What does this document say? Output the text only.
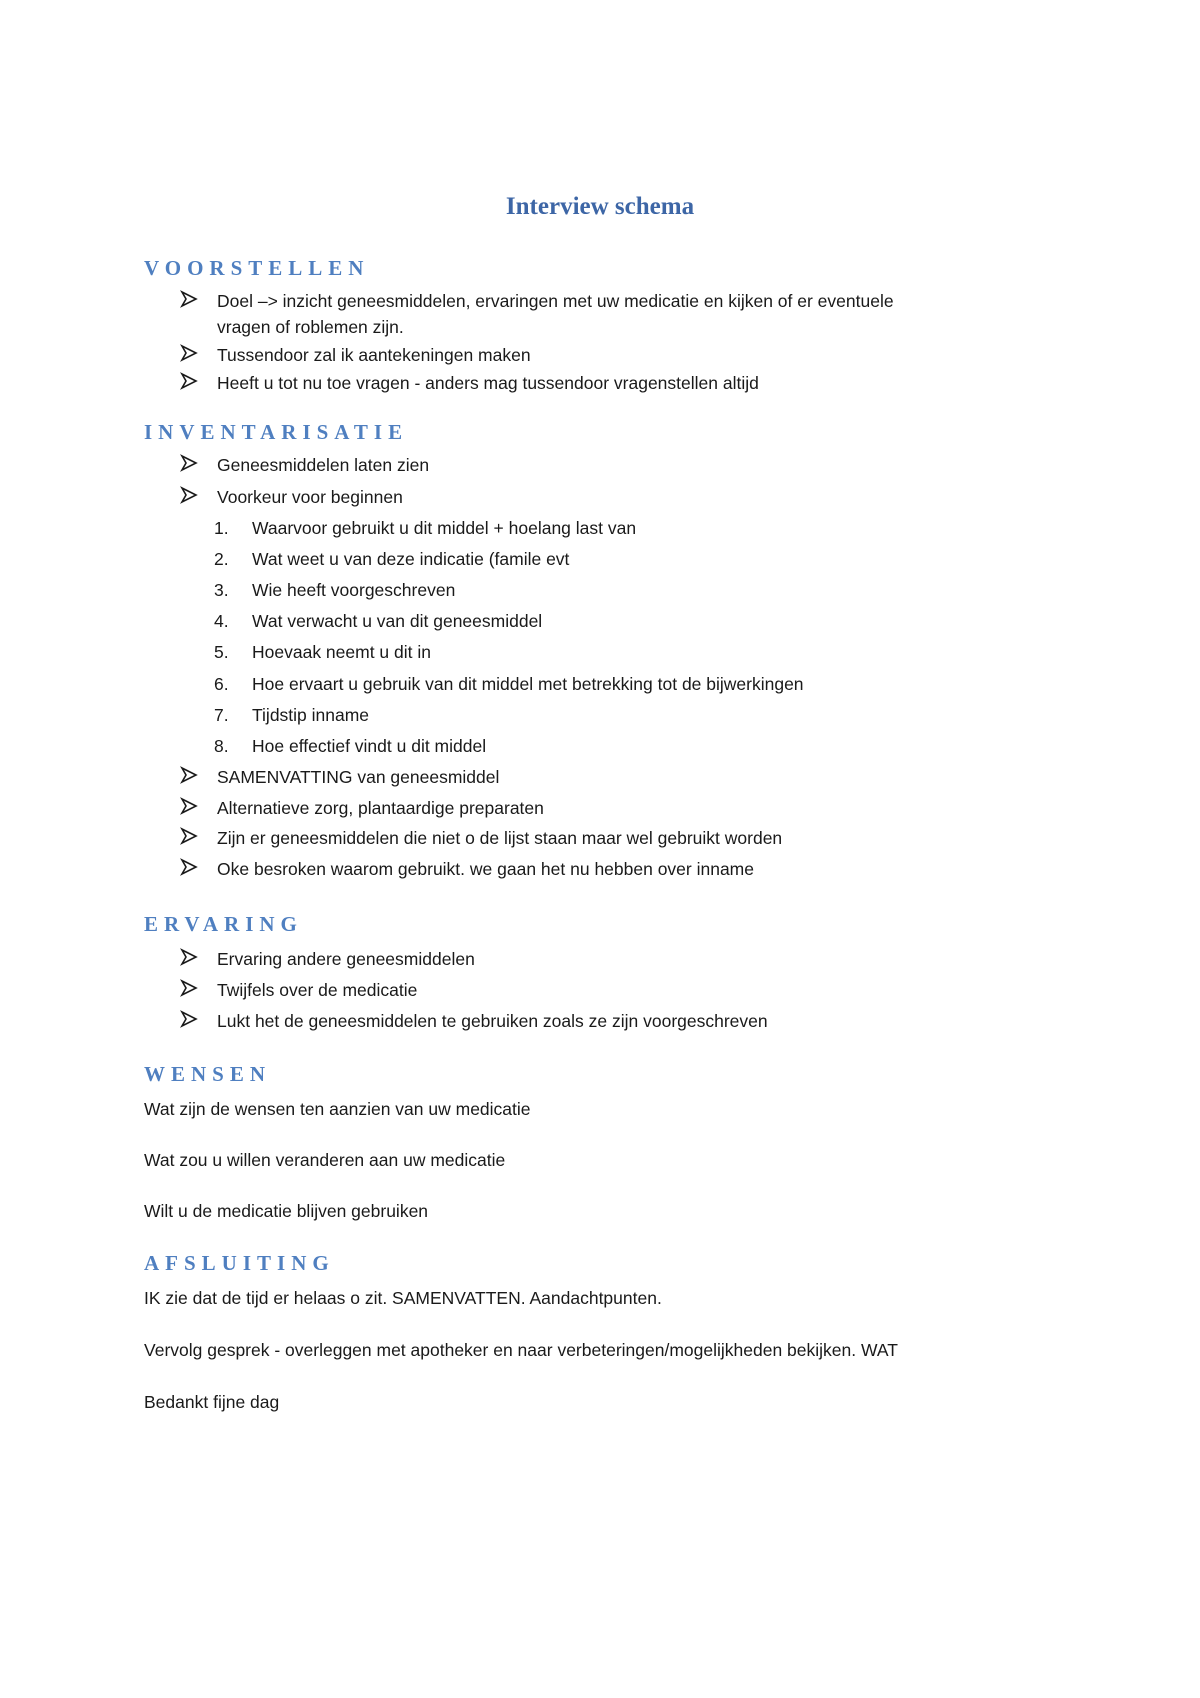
Interview schema
VOORSTELLEN
Doel –> inzicht geneesmiddelen, ervaringen met uw medicatie en kijken of er eventuele
vragen of roblemen zijn.
Tussendoor zal ik aantekeningen maken
Heeft u tot nu toe vragen - anders mag tussendoor vragenstellen altijd
INVENTARISATIE
Geneesmiddelen laten zien
Voorkeur voor beginnen
1. Waarvoor gebruikt u dit middel + hoelang last van
2. Wat weet u van deze indicatie (famile evt
3. Wie heeft voorgeschreven
4. Wat verwacht u van dit geneesmiddel
5. Hoevaak neemt u dit in
6. Hoe ervaart u gebruik van dit middel met betrekking tot de bijwerkingen
7. Tijdstip inname
8. Hoe effectief vindt u dit middel
SAMENVATTING van geneesmiddel
Alternatieve zorg, plantaardige preparaten
Zijn er geneesmiddelen die niet o de lijst staan maar wel gebruikt worden
Oke besroken waarom gebruikt. we gaan het nu hebben over inname
ERVARING
Ervaring andere geneesmiddelen
Twijfels over de medicatie
Lukt het de geneesmiddelen te gebruiken zoals ze zijn voorgeschreven
WENSEN
Wat zijn de wensen ten aanzien van uw medicatie
Wat zou u willen veranderen aan uw medicatie
Wilt u de medicatie blijven gebruiken
AFSLUITING
IK zie dat de tijd er helaas o zit. SAMENVATTEN. Aandachtpunten.
Vervolg gesprek - overleggen met apotheker en naar verbeteringen/mogelijkheden bekijken. WAT
Bedankt fijne dag
